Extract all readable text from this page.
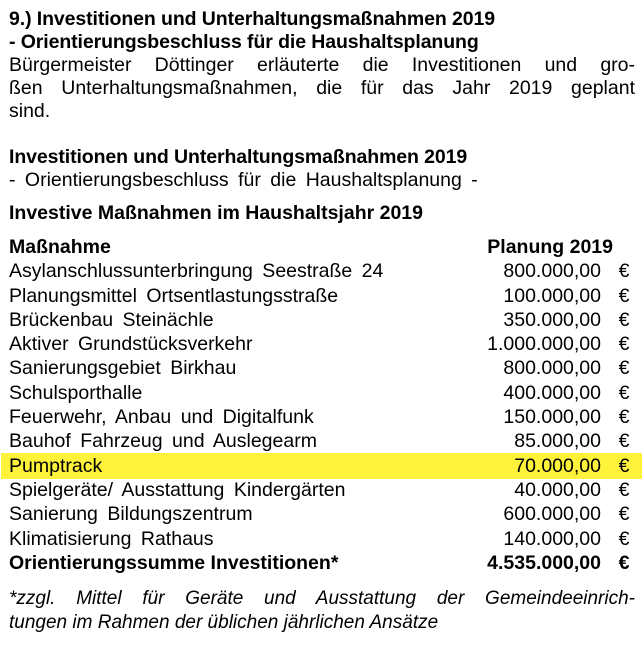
9.) Investitionen und Unterhaltungsmaßnahmen 2019
- Orientierungsbeschluss für die Haushaltsplanung
Bürgermeister Döttinger erläuterte die Investitionen und gro-
ßen Unterhaltungsmaßnahmen, die für das Jahr 2019 geplant
sind.
Investitionen und Unterhaltungsmaßnahmen 2019
- Orientierungsbeschluss für die Haushaltsplanung -
Investive Maßnahmen im Haushaltsjahr 2019
Maßnahme	Planung 2019
Asylanschlussunterbringung Seestraße 24	800.000,00 €
Planungsmittel Ortsentlastungsstraße	100.000,00 €
Brückenbau Steinächle	350.000,00 €
Aktiver Grundstücksverkehr	1.000.000,00 €
Sanierungsgebiet Birkhau	800.000,00 €
Schulsporthalle	400.000,00 €
Feuerwehr, Anbau und Digitalfunk	150.000,00 €
Bauhof Fahrzeug und Auslegearm	85.000,00 €
Pumptrack	70.000,00 €
Spielgeräte/ Ausstattung Kindergärten	40.000,00 €
Sanierung Bildungszentrum	600.000,00 €
Klimatisierung Rathaus	140.000,00 €
Orientierungssumme Investitionen*	4.535.000,00 €
*zzgl. Mittel für Geräte und Ausstattung der Gemeindeeinrich-
tungen im Rahmen der üblichen jährlichen Ansätze
